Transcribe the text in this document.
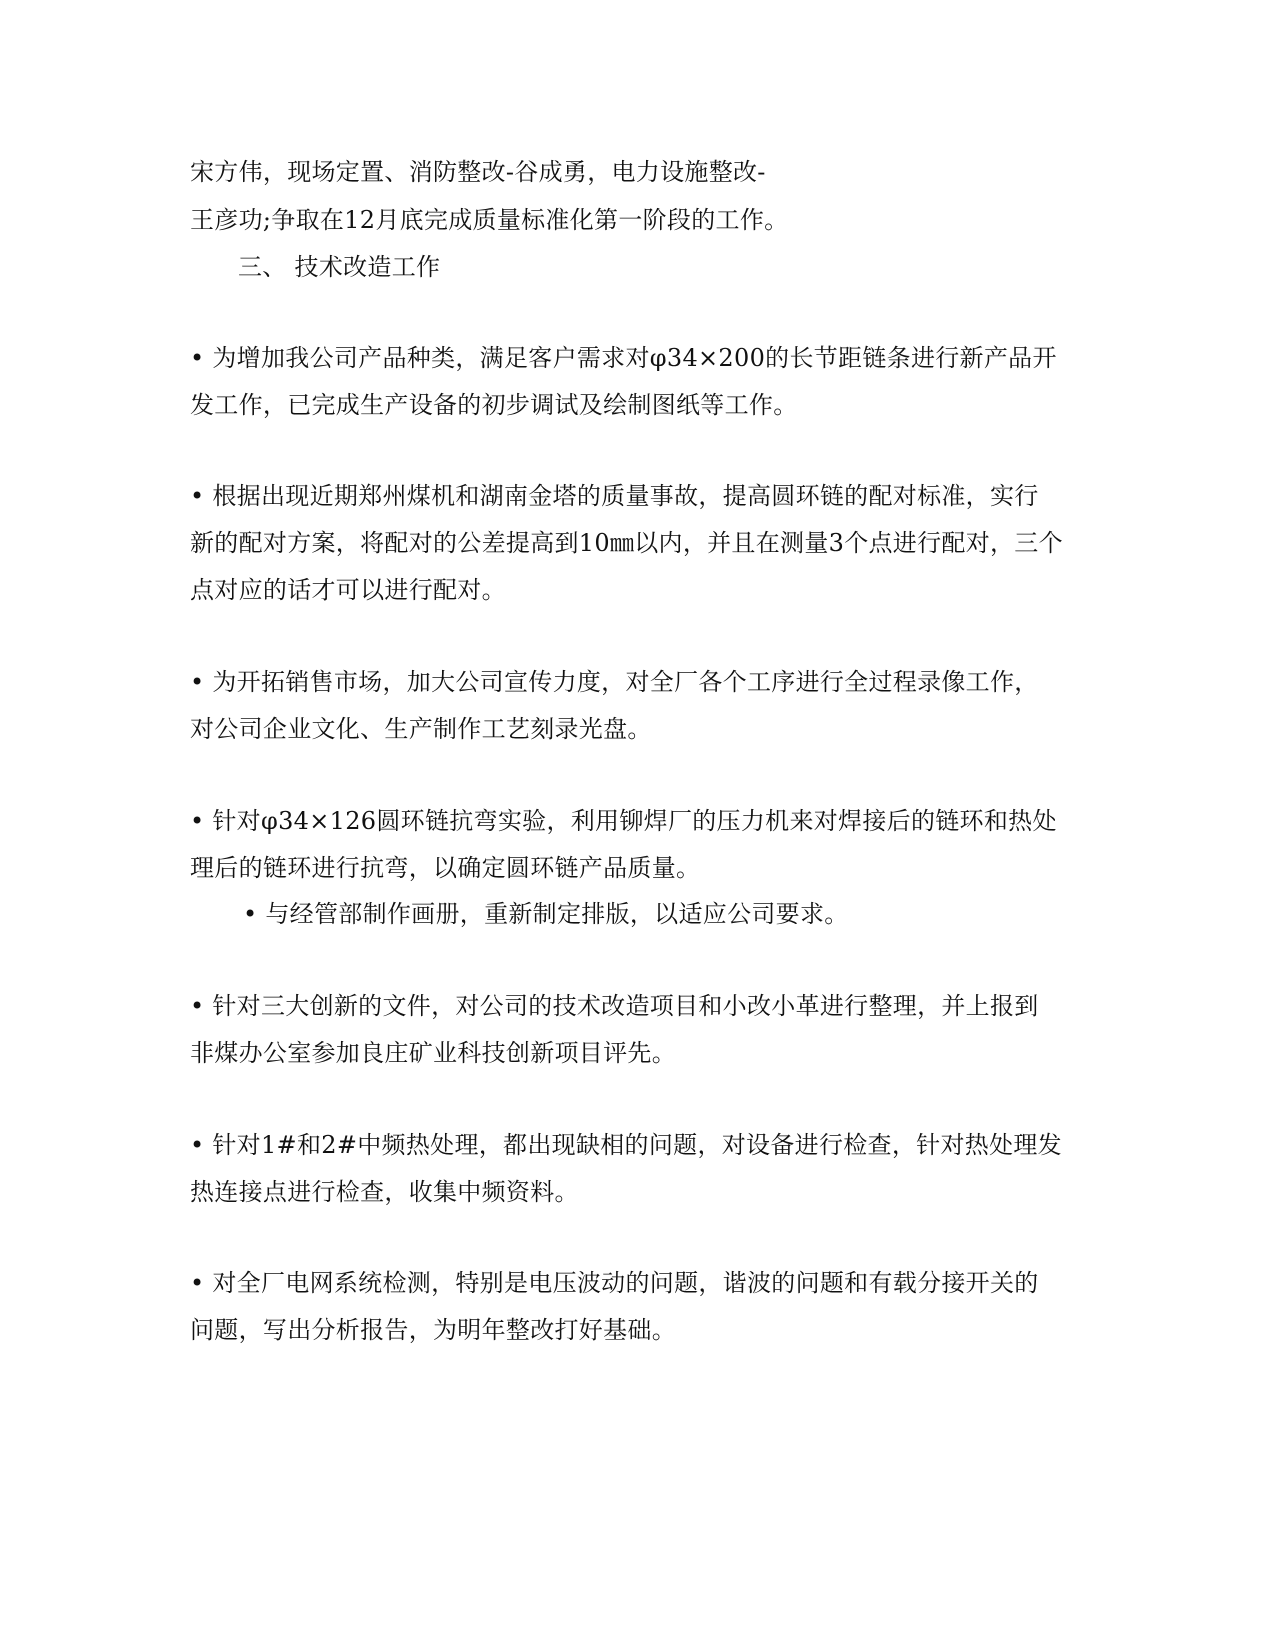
宋方伟，现场定置、消防整改-谷成勇，电力设施整改-
王彦功;争取在12月底完成质量标准化第一阶段的工作。
三、 技术改造工作
• 为增加我公司产品种类，满足客户需求对φ34×200的长节距链条进行新产品开
发工作，已完成生产设备的初步调试及绘制图纸等工作。
• 根据出现近期郑州煤机和湖南金塔的质量事故，提高圆环链的配对标准，实行
新的配对方案，将配对的公差提高到10㎜以内，并且在测量3个点进行配对，三个
点对应的话才可以进行配对。
• 为开拓销售市场，加大公司宣传力度，对全厂各个工序进行全过程录像工作，
对公司企业文化、生产制作工艺刻录光盘。
• 针对φ34×126圆环链抗弯实验，利用铆焊厂的压力机来对焊接后的链环和热处
理后的链环进行抗弯，以确定圆环链产品质量。
• 与经管部制作画册，重新制定排版，以适应公司要求。
• 针对三大创新的文件，对公司的技术改造项目和小改小革进行整理，并上报到
非煤办公室参加良庄矿业科技创新项目评先。
• 针对1#和2#中频热处理，都出现缺相的问题，对设备进行检查，针对热处理发
热连接点进行检查，收集中频资料。
• 对全厂电网系统检测，特别是电压波动的问题，谐波的问题和有载分接开关的
问题，写出分析报告，为明年整改打好基础。
